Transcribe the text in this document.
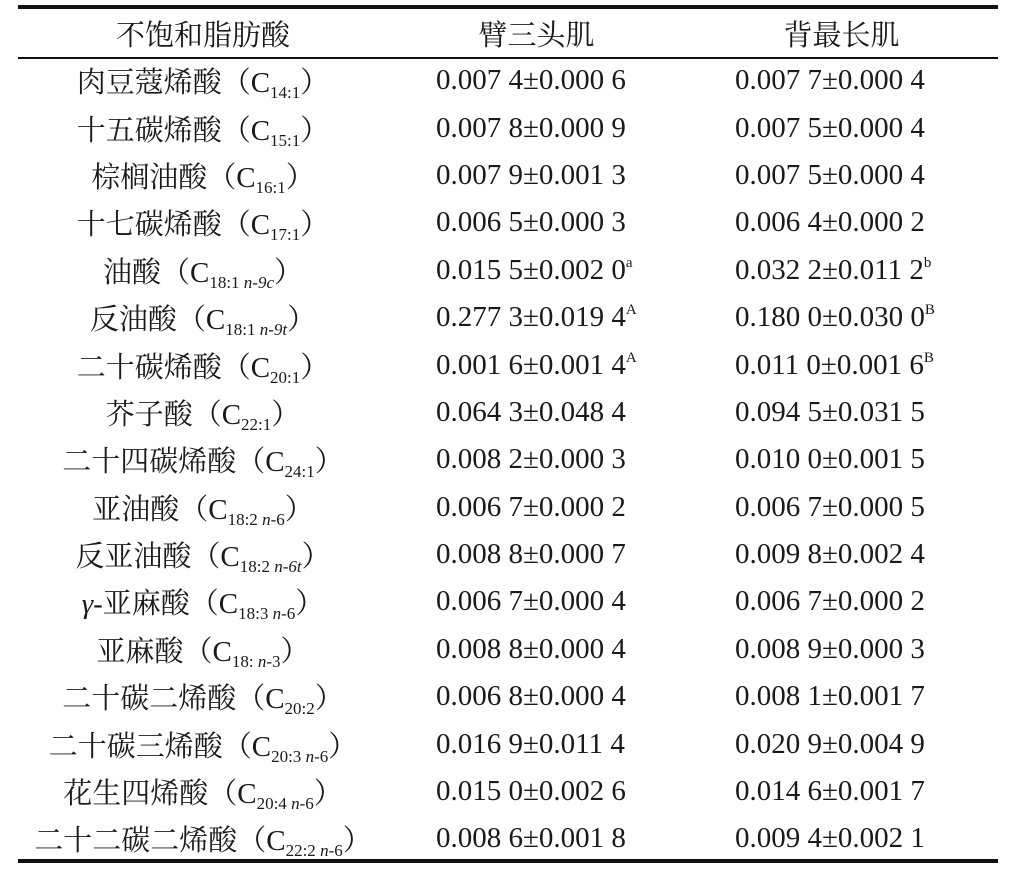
不饱和脂肪酸	臂三头肌	背最长肌
肉豆蔻烯酸$(C_{14:1})$	0.007 4±0.000 6	0.007 7±0.000 4
十五碳烯酸$(C_{15:1})$	0.007 8±0.000 9	0.007 5±0.000 4
棕榈油酸$(C_{16:1})$	0.007 9±0.001 3	0.007 5±0.000 4
十七碳烯酸$(C_{17:1})$	0.006 5±0.000 3	0.006 4±0.000 2
油酸$(C_{18:1 n-9c})$	0.015 5±0.002 0$^a$	0.032 2±0.011 2$^b$
反油酸$(C_{18:1 n-9t})$	0.277 3±0.019 $4^A$	0.180 0±0.030 $0^B$
二十碳烯酸$(C_{20:1})$	0.001 6±0.001 $4^A$	0.011 0±0.001 $6^B$
芥子酸$(C_{22:1})$	0.064 3±0.048 4	0.094 5±0.031 5
二十四碳烯酸$(C_{24:1})$	0.008 2±0.000 3	0.010 0±0.001 5
亚油酸$(C_{18:2 n-6})$	0.006 7±0.000 2	0.006 7±0.000 5
反亚油酸$(C_{18:2 n-6t})$	0.008 8±0.000 7	0.009 8±0.002 4
γ-亚麻酸$(C_{18:3 n-6})$	0.006 7±0.000 4	0.006 7±0.000 2
亚麻酸$(C_{18: n-3})$	0.008 8±0.000 4	0.008 9±0.000 3
二十碳二烯酸$(C_{20:2})$	0.006 8±0.000 4	0.008 1±0.001 7
二十碳三烯酸$(C_{20:3 n-6})$	0.016 9±0.011 4	0.020 9±0.004 9
花生四烯酸$(C_{20:4 n-6})$	0.015 0±0.002 6	0.014 6±0.001 7
二十二碳二烯酸$(C_{22:2 n-6})$	0.008 6±0.001 8	0.009 4±0.002 1
